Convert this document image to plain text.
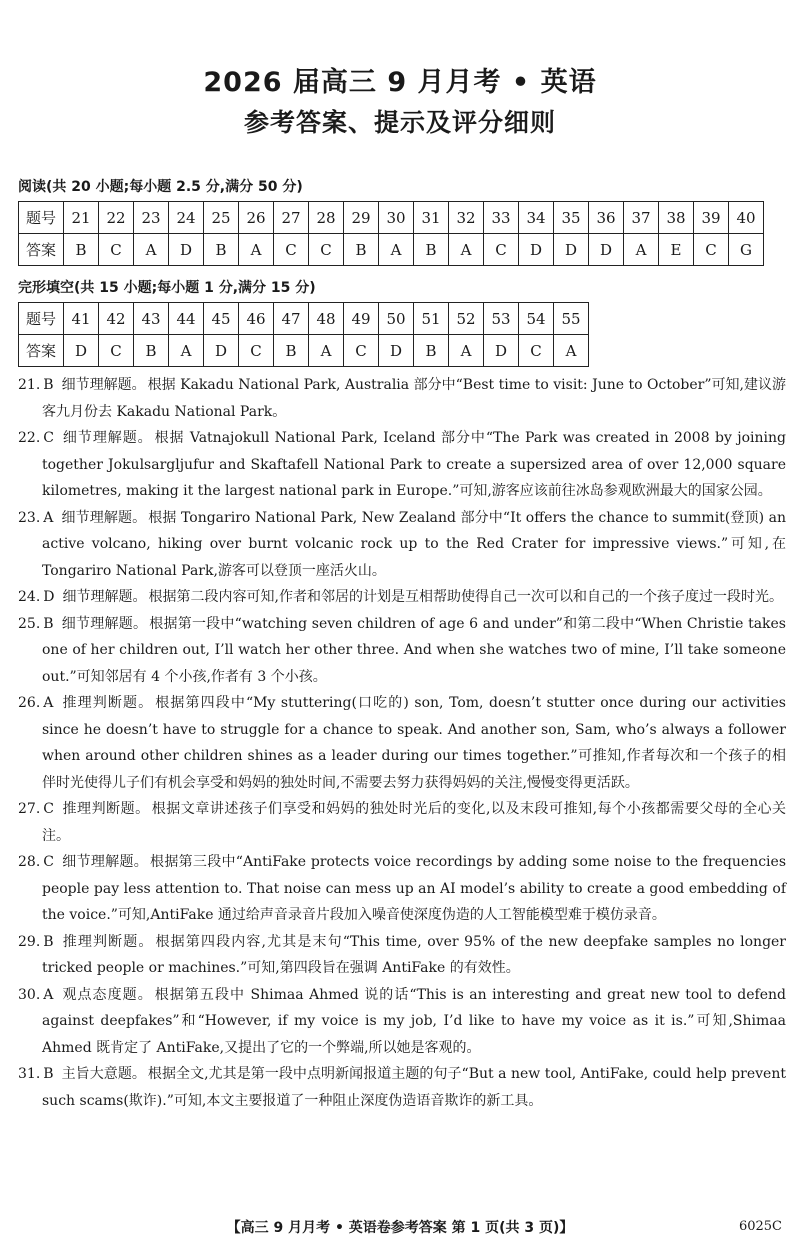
2026 届高三 9 月月考 • 英语
参考答案、提示及评分细则
阅读(共 20 小题;每小题 2.5 分,满分 50 分)
题号	21	22	23	24	25	26	27	28	29	30	31	32	33	34	35	36	37	38	39	40
答案	B	C	A	D	B	A	C	C	B	A	B	A	C	D	D	D	A	E	C	G
完形填空(共 15 小题;每小题 1 分,满分 15 分)
题号	41	42	43	44	45	46	47	48	49	50	51	52	53	54	55
答案	D	C	B	A	D	C	B	A	C	D	B	A	D	C	A

21. B 细节理解题。 根据 Kakadu National Park, Australia 部分中“Best time to visit: June to October”可知,建议游客九月份去 Kakadu National Park。

22. C 细节理解题。 根据 Vatnajokull National Park, Iceland 部分中“The Park was created in 2008 by joining together Jokulsargljufur and Skaftafell National Park to create a supersized area of over 12,000 square kilometres, making it the largest national park in Europe.”可知,游客应该前往冰岛参观欧洲最大的国家公园。

23. A 细节理解题。 根据 Tongariro National Park, New Zealand 部分中“It offers the chance to summit(登顶) an active volcano, hiking over burnt volcanic rock up to the Red Crater for impressive views.”可知,在 Tongariro National Park,游客可以登顶一座活火山。

24. D 细节理解题。 根据第二段内容可知,作者和邻居的计划是互相帮助使得自己一次可以和自己的一个孩子度过一段时光。

25. B 细节理解题。 根据第一段中“watching seven children of age 6 and under”和第二段中“When Christie takes one of her children out, I’ll watch her other three. And when she watches two of mine, I’ll take someone out.”可知邻居有 4 个小孩,作者有 3 个小孩。

26. A 推理判断题。 根据第四段中“My stuttering(口吃的) son, Tom, doesn’t stutter once during our activities since he doesn’t have to struggle for a chance to speak. And another son, Sam, who’s always a follower when around other children shines as a leader during our times together.”可推知,作者每次和一个孩子的相伴时光使得儿子们有机会享受和妈妈的独处时间,不需要去努力获得妈妈的关注,慢慢变得更活跃。

27. C 推理判断题。 根据文章讲述孩子们享受和妈妈的独处时光后的变化,以及末段可推知,每个小孩都需要父母的全心关注。

28. C 细节理解题。 根据第三段中“AntiFake protects voice recordings by adding some noise to the frequencies people pay less attention to. That noise can mess up an AI model’s ability to create a good embedding of the voice.”可知,AntiFake 通过给声音录音片段加入噪音使深度伪造的人工智能模型难于模仿录音。

29. B 推理判断题。 根据第四段内容,尤其是末句“This time, over 95% of the new deepfake samples no longer tricked people or machines.”可知,第四段旨在强调 AntiFake 的有效性。

30. A 观点态度题。 根据第五段中 Shimaa Ahmed 说的话“This is an interesting and great new tool to defend against deepfakes”和“However, if my voice is my job, I’d like to have my voice as it is.”可知,Shimaa Ahmed 既肯定了 AntiFake,又提出了它的一个弊端,所以她是客观的。

31. B 主旨大意题。 根据全文,尤其是第一段中点明新闻报道主题的句子“But a new tool, AntiFake, could help prevent such scams(欺诈).”可知,本文主要报道了一种阻止深度伪造语音欺诈的新工具。

【高三 9 月月考 • 英语卷参考答案 第 1 页(共 3 页)】	6025C
